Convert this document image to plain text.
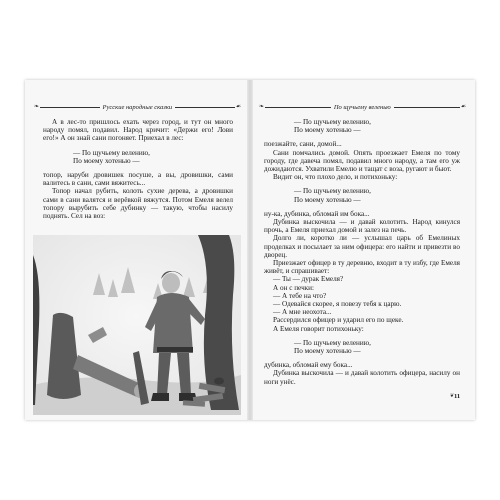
❧	Русские народные сказки	☙

А в лес-то пришлось ехать через город, и тут он много народу помял, подавил. Народ кричит: «Держи его! Лови его!» А он знай сани погоняет. Приехал в лес:

— По щучьему велению,

По моему хотенью —

топор, наруби дровишек посуше, а вы, дровишки, сами валитесь в сани, сами вяжитесь...

Топор начал рубить, колоть сухие дерева, а дровишки сами в сани валятся и верёвкой вяжутся. Потом Емеля велел топору вырубить себе дубинку — такую, чтобы насилу поднять. Сел на воз:

❧	По щучьему веленью	☙

— По щучьему велению,

По моему хотенью —

поезжайте, сани, домой...

Сани помчались домой. Опять проезжает Емеля по тому городу, где давеча помял, подавил много народу, а там его уж дожидаются. Ухватили Емелю и тащат с воза, ругают и бьют.

Видит он, что плохо дело, и потихоньку:

— По щучьему велению,

По моему хотенью —

ну-ка, дубинка, обломай им бока...

Дубинка выскочила — и давай колотить. Народ кинулся прочь, а Емеля приехал домой и залез на печь.

Долго ли, коротко ли — услышал царь об Емелиных проделках и посылает за ним офицера: его найти и привезти во дворец.

Приезжает офицер в ту деревню, входит в ту избу, где Емеля живёт, и спрашивает:

— Ты — дурак Емеля?

А он с печки:

— А тебе на что?

— Одевайся скорее, я повезу тебя к царю.

— А мне неохота...

Рассердился офицер и ударил его по щеке.

А Емеля говорит потихоньку:

— По щучьему велению,

По моему хотенью —

дубинка, обломай ему бока...

Дубинка выскочила — и давай колотить офицера, насилу он ноги унёс.

❦ 11
